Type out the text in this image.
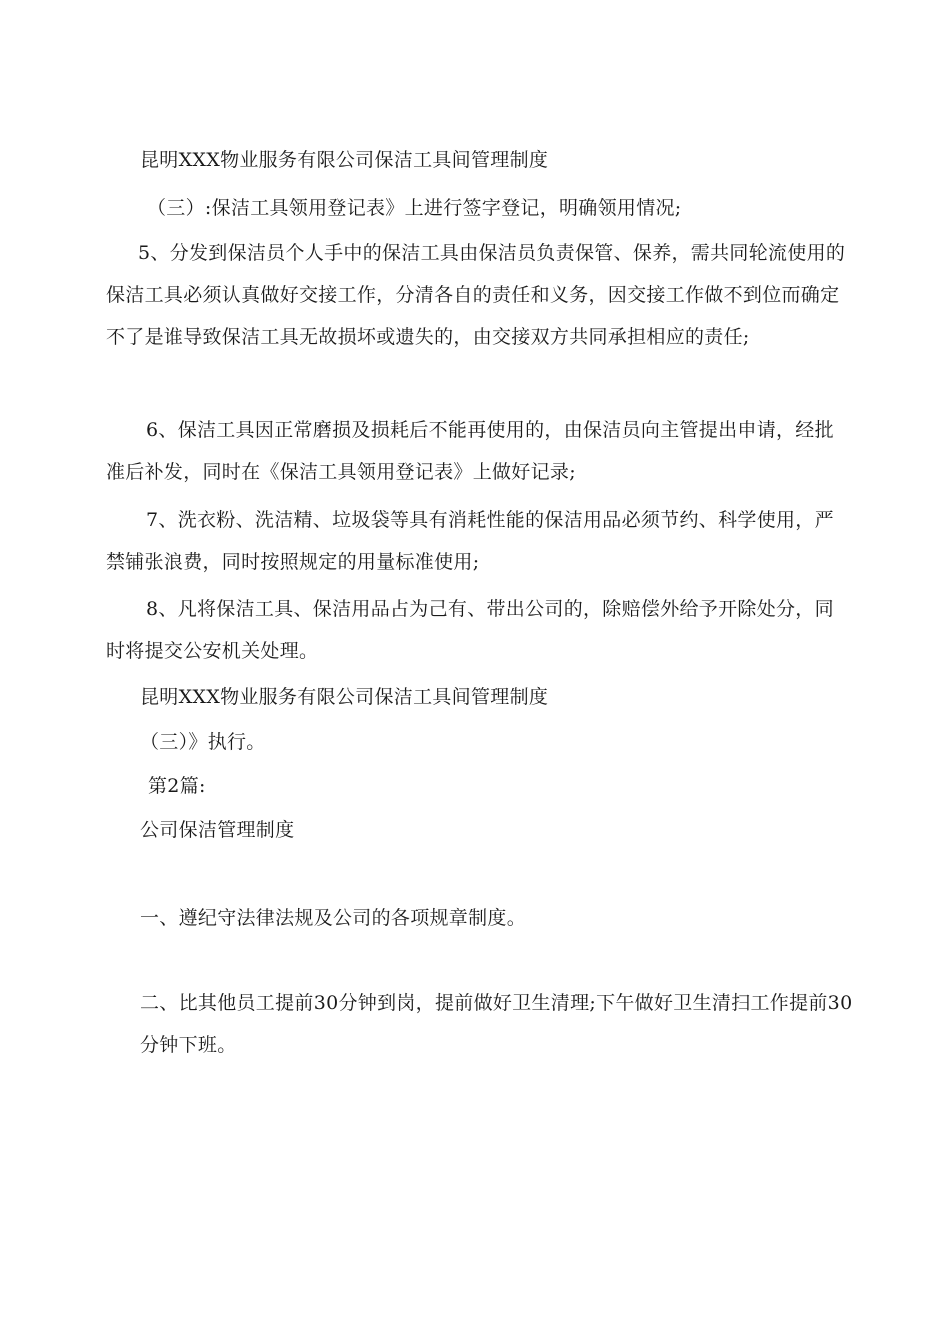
昆明XXX物业服务有限公司保洁工具间管理制度
（三）:保洁工具领用登记表》上进行签字登记，明确领用情况;
5、分发到保洁员个人手中的保洁工具由保洁员负责保管、保养，需共同轮流使用的保洁工具必须认真做好交接工作，分清各自的责任和义务，因交接工作做不到位而确定不了是谁导致保洁工具无故损坏或遗失的，由交接双方共同承担相应的责任;
6、保洁工具因正常磨损及损耗后不能再使用的，由保洁员向主管提出申请，经批准后补发，同时在《保洁工具领用登记表》上做好记录;
7、洗衣粉、洗洁精、垃圾袋等具有消耗性能的保洁用品必须节约、科学使用，严禁铺张浪费，同时按照规定的用量标准使用;
8、凡将保洁工具、保洁用品占为己有、带出公司的，除赔偿外给予开除处分，同时将提交公安机关处理。
昆明XXX物业服务有限公司保洁工具间管理制度
（三）》执行。
第2篇:
公司保洁管理制度
一、遵纪守法律法规及公司的各项规章制度。
二、比其他员工提前30分钟到岗，提前做好卫生清理;下午做好卫生清扫工作提前30分钟下班。
